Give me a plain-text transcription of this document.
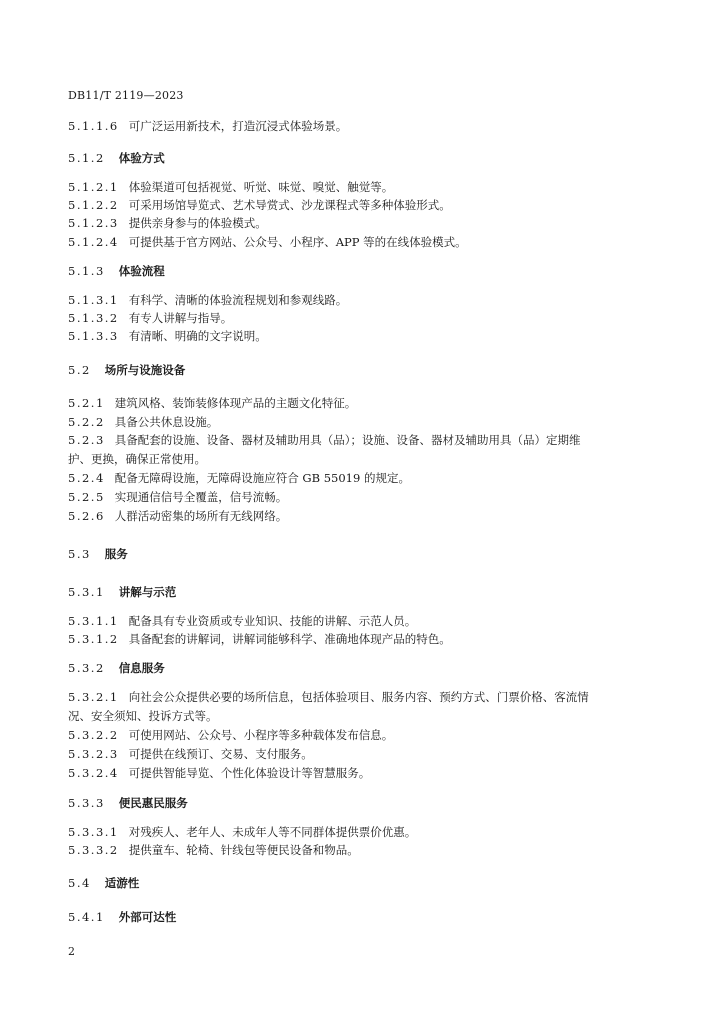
DB11/T 2119—2023
5.1.1.6 可广泛运用新技术，打造沉浸式体验场景。
5.1.2 体验方式
5.1.2.1 体验渠道可包括视觉、听觉、味觉、嗅觉、触觉等。
5.1.2.2 可采用场馆导览式、艺术导赏式、沙龙课程式等多种体验形式。
5.1.2.3 提供亲身参与的体验模式。
5.1.2.4 可提供基于官方网站、公众号、小程序、APP 等的在线体验模式。
5.1.3 体验流程
5.1.3.1 有科学、清晰的体验流程规划和参观线路。
5.1.3.2 有专人讲解与指导。
5.1.3.3 有清晰、明确的文字说明。
5.2 场所与设施设备
5.2.1 建筑风格、装饰装修体现产品的主题文化特征。
5.2.2 具备公共休息设施。
5.2.3 具备配套的设施、设备、器材及辅助用具（品）；设施、设备、器材及辅助用具（品）定期维
护、更换，确保正常使用。
5.2.4 配备无障碍设施，无障碍设施应符合 GB 55019 的规定。
5.2.5 实现通信信号全覆盖，信号流畅。
5.2.6 人群活动密集的场所有无线网络。
5.3 服务
5.3.1 讲解与示范
5.3.1.1 配备具有专业资质或专业知识、技能的讲解、示范人员。
5.3.1.2 具备配套的讲解词，讲解词能够科学、准确地体现产品的特色。
5.3.2 信息服务
5.3.2.1 向社会公众提供必要的场所信息，包括体验项目、服务内容、预约方式、门票价格、客流情
况、安全须知、投诉方式等。
5.3.2.2 可使用网站、公众号、小程序等多种载体发布信息。
5.3.2.3 可提供在线预订、交易、支付服务。
5.3.2.4 可提供智能导览、个性化体验设计等智慧服务。
5.3.3 便民惠民服务
5.3.3.1 对残疾人、老年人、未成年人等不同群体提供票价优惠。
5.3.3.2 提供童车、轮椅、针线包等便民设备和物品。
5.4 适游性
5.4.1 外部可达性
2
